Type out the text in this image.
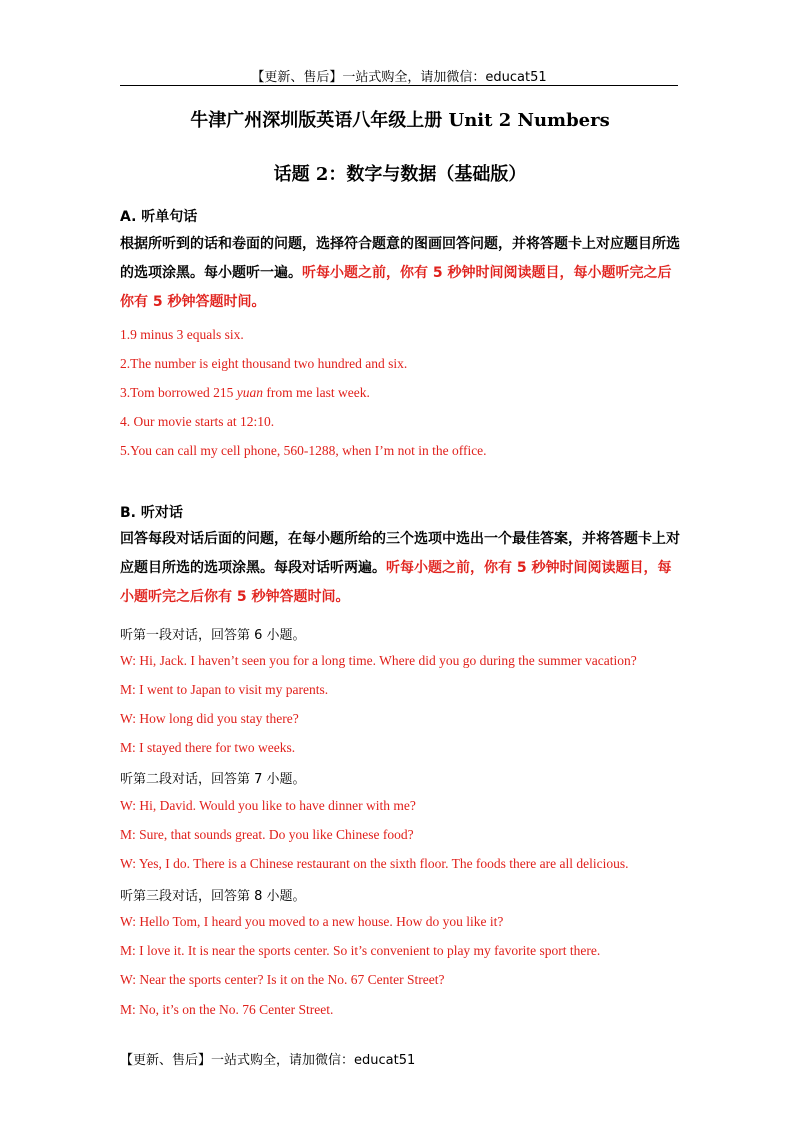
【更新、售后】一站式购全，请加微信：educat51
牛津广州深圳版英语八年级上册 Unit 2 Numbers
话题 2：数字与数据（基础版）
A. 听单句话
根据所听到的话和卷面的问题，选择符合题意的图画回答问题，并将答题卡上对应题目所选的选项涂黑。每小题听一遍。听每小题之前，你有 5 秒钟时间阅读题目，每小题听完之后你有 5 秒钟答题时间。
1.9 minus 3 equals six.
2.The number is eight thousand two hundred and six.
3.Tom borrowed 215 yuan from me last week.
4. Our movie starts at 12:10.
5.You can call my cell phone, 560-1288, when I’m not in the office.
B. 听对话
回答每段对话后面的问题，在每小题所给的三个选项中选出一个最佳答案，并将答题卡上对应题目所选的选项涂黑。每段对话听两遍。听每小题之前，你有 5 秒钟时间阅读题目，每小题听完之后你有 5 秒钟答题时间。
听第一段对话，回答第 6 小题。
W: Hi, Jack. I haven’t seen you for a long time. Where did you go during the summer vacation?
M: I went to Japan to visit my parents.
W: How long did you stay there?
M: I stayed there for two weeks.
听第二段对话，回答第 7 小题。
W: Hi, David. Would you like to have dinner with me?
M: Sure, that sounds great. Do you like Chinese food?
W: Yes, I do. There is a Chinese restaurant on the sixth floor. The foods there are all delicious.
听第三段对话，回答第 8 小题。
W: Hello Tom, I heard you moved to a new house. How do you like it?
M: I love it. It is near the sports center. So it’s convenient to play my favorite sport there.
W: Near the sports center? Is it on the No. 67 Center Street?
M: No, it’s on the No. 76 Center Street.
【更新、售后】一站式购全，请加微信：educat51
